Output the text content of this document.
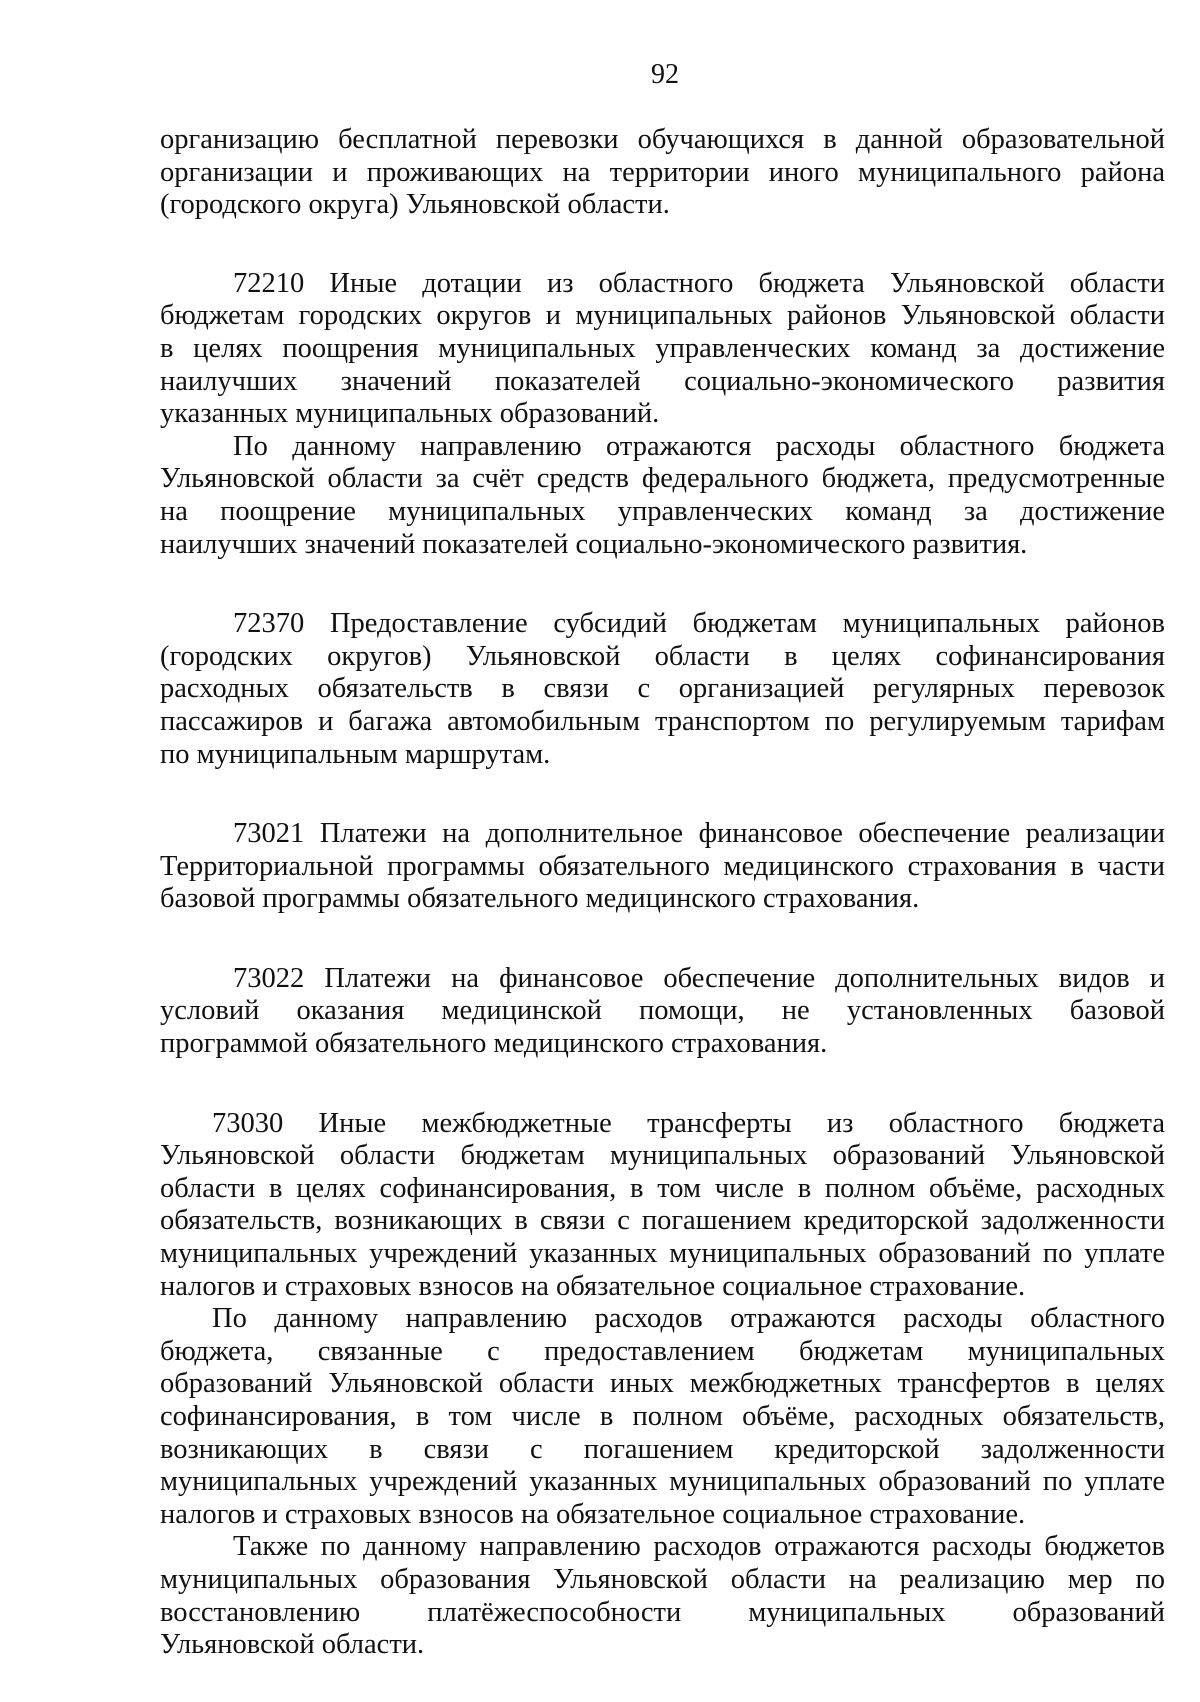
92
организацию бесплатной перевозки обучающихся в данной образовательной
организации и проживающих на территории иного муниципального района
(городского округа) Ульяновской области.
72210 Иные дотации из областного бюджета Ульяновской области
бюджетам городских округов и муниципальных районов Ульяновской области
в целях поощрения муниципальных управленческих команд за достижение
наилучших значений показателей социально-экономического развития
указанных муниципальных образований.
По данному направлению отражаются расходы областного бюджета
Ульяновской области за счёт средств федерального бюджета, предусмотренные
на поощрение муниципальных управленческих команд за достижение
наилучших значений показателей социально-экономического развития.
72370 Предоставление субсидий бюджетам муниципальных районов
(городских округов) Ульяновской области в целях софинансирования
расходных обязательств в связи с организацией регулярных перевозок
пассажиров и багажа автомобильным транспортом по регулируемым тарифам
по муниципальным маршрутам.
73021 Платежи на дополнительное финансовое обеспечение реализации
Территориальной программы обязательного медицинского страхования в части
базовой программы обязательного медицинского страхования.
73022 Платежи на финансовое обеспечение дополнительных видов и
условий оказания медицинской помощи, не установленных базовой
программой обязательного медицинского страхования.
73030 Иные межбюджетные трансферты из областного бюджета
Ульяновской области бюджетам муниципальных образований Ульяновской
области в целях софинансирования, в том числе в полном объёме, расходных
обязательств, возникающих в связи с погашением кредиторской задолженности
муниципальных учреждений указанных муниципальных образований по уплате
налогов и страховых взносов на обязательное социальное страхование.
По данному направлению расходов отражаются расходы областного
бюджета, связанные с предоставлением бюджетам муниципальных
образований Ульяновской области иных межбюджетных трансфертов в целях
софинансирования, в том числе в полном объёме, расходных обязательств,
возникающих в связи с погашением кредиторской задолженности
муниципальных учреждений указанных муниципальных образований по уплате
налогов и страховых взносов на обязательное социальное страхование.
Также по данному направлению расходов отражаются расходы бюджетов
муниципальных образования Ульяновской области на реализацию мер по
восстановлению платёжеспособности муниципальных образований
Ульяновской области.
